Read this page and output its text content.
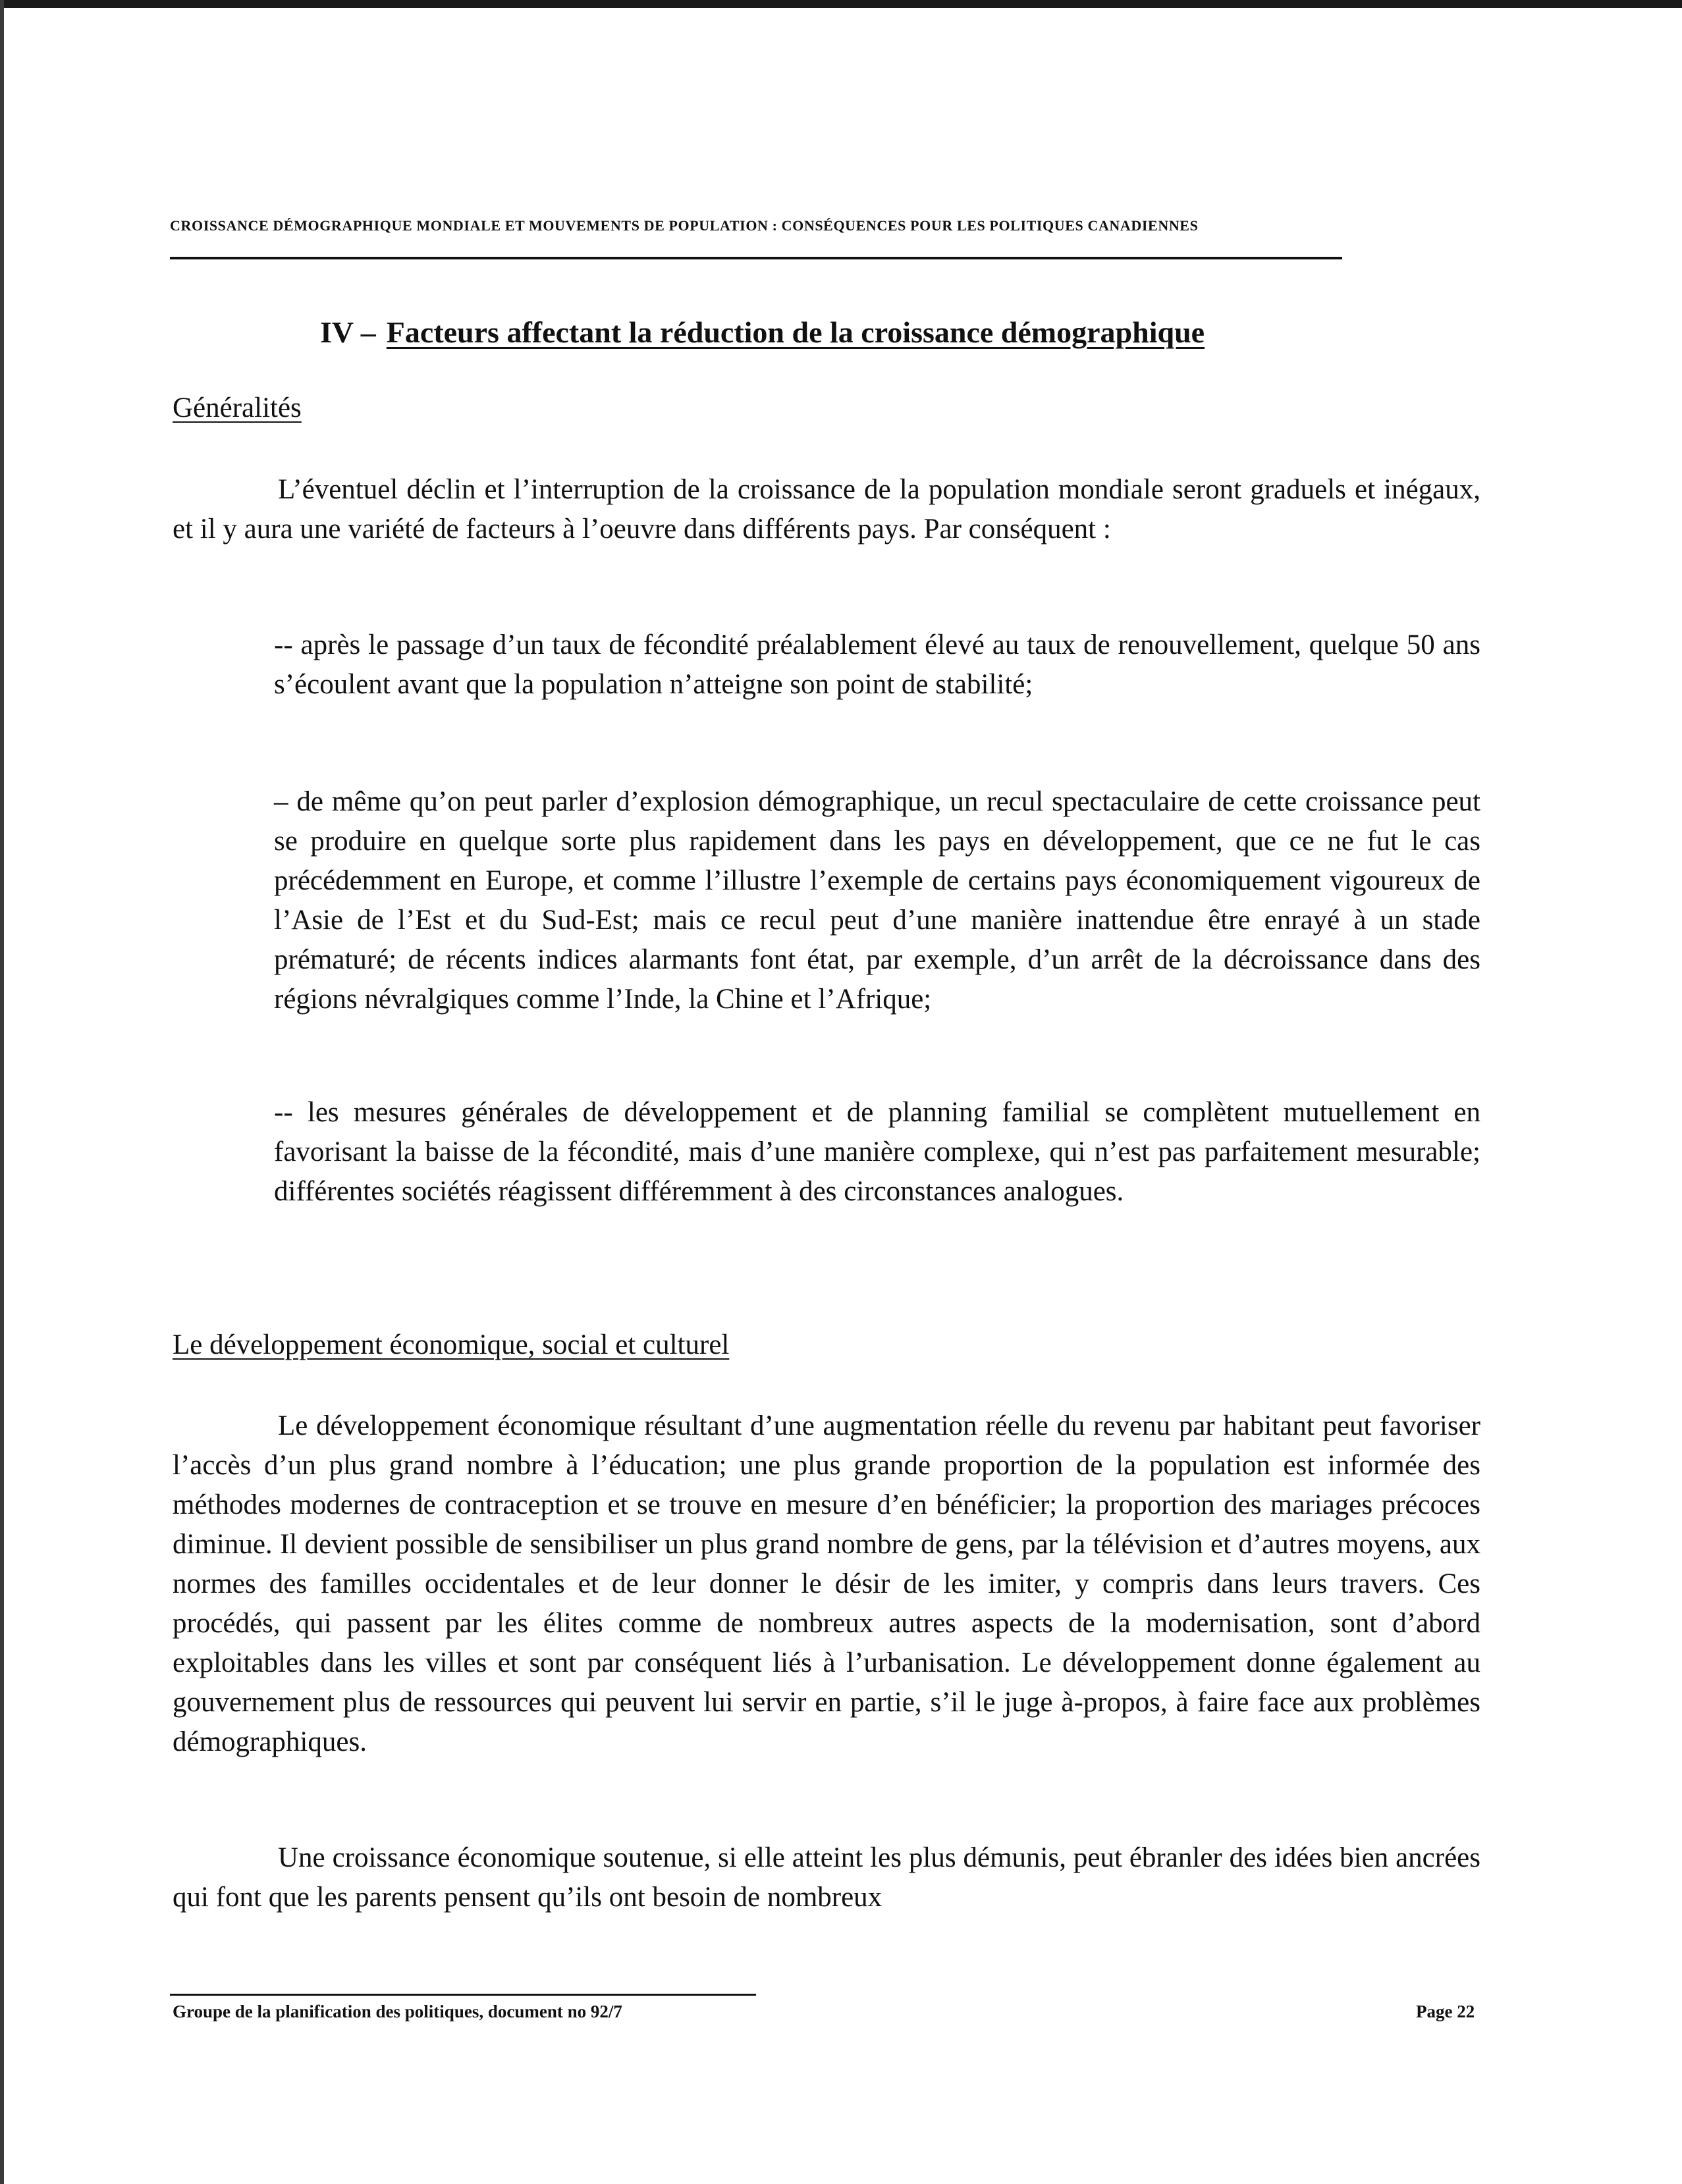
CROISSANCE DÉMOGRAPHIQUE MONDIALE ET MOUVEMENTS DE POPULATION : CONSÉQUENCES POUR LES POLITIQUES CANADIENNES
IV – Facteurs affectant la réduction de la croissance démographique
Généralités

L’éventuel déclin et l’interruption de la croissance de la population mondiale seront graduels et inégaux, et il y aura une variété de facteurs à l’oeuvre dans différents pays. Par conséquent :

-- après le passage d’un taux de fécondité préalablement élevé au taux de renouvellement, quelque 50 ans s’écoulent avant que la population n’atteigne son point de stabilité;

– de même qu’on peut parler d’explosion démographique, un recul spectaculaire de cette croissance peut se produire en quelque sorte plus rapidement dans les pays en développement, que ce ne fut le cas précédemment en Europe, et comme l’illustre l’exemple de certains pays économiquement vigoureux de l’Asie de l’Est et du Sud-Est; mais ce recul peut d’une manière inattendue être enrayé à un stade prématuré; de récents indices alarmants font état, par exemple, d’un arrêt de la décroissance dans des régions névralgiques comme l’Inde, la Chine et l’Afrique;

-- les mesures générales de développement et de planning familial se complètent mutuellement en favorisant la baisse de la fécondité, mais d’une manière complexe, qui n’est pas parfaitement mesurable; différentes sociétés réagissent différemment à des circonstances analogues.

Le développement économique, social et culturel

Le développement économique résultant d’une augmentation réelle du revenu par habitant peut favoriser l’accès d’un plus grand nombre à l’éducation; une plus grande proportion de la population est informée des méthodes modernes de contraception et se trouve en mesure d’en bénéficier; la proportion des mariages précoces diminue. Il devient possible de sensibiliser un plus grand nombre de gens, par la télévision et d’autres moyens, aux normes des familles occidentales et de leur donner le désir de les imiter, y compris dans leurs travers. Ces procédés, qui passent par les élites comme de nombreux autres aspects de la modernisation, sont d’abord exploitables dans les villes et sont par conséquent liés à l’urbanisation. Le développement donne également au gouvernement plus de ressources qui peuvent lui servir en partie, s’il le juge à-propos, à faire face aux problèmes démographiques.

Une croissance économique soutenue, si elle atteint les plus démunis, peut ébranler des idées bien ancrées qui font que les parents pensent qu’ils ont besoin de nombreux

Groupe de la planification des politiques, document no 92/7	Page 22
